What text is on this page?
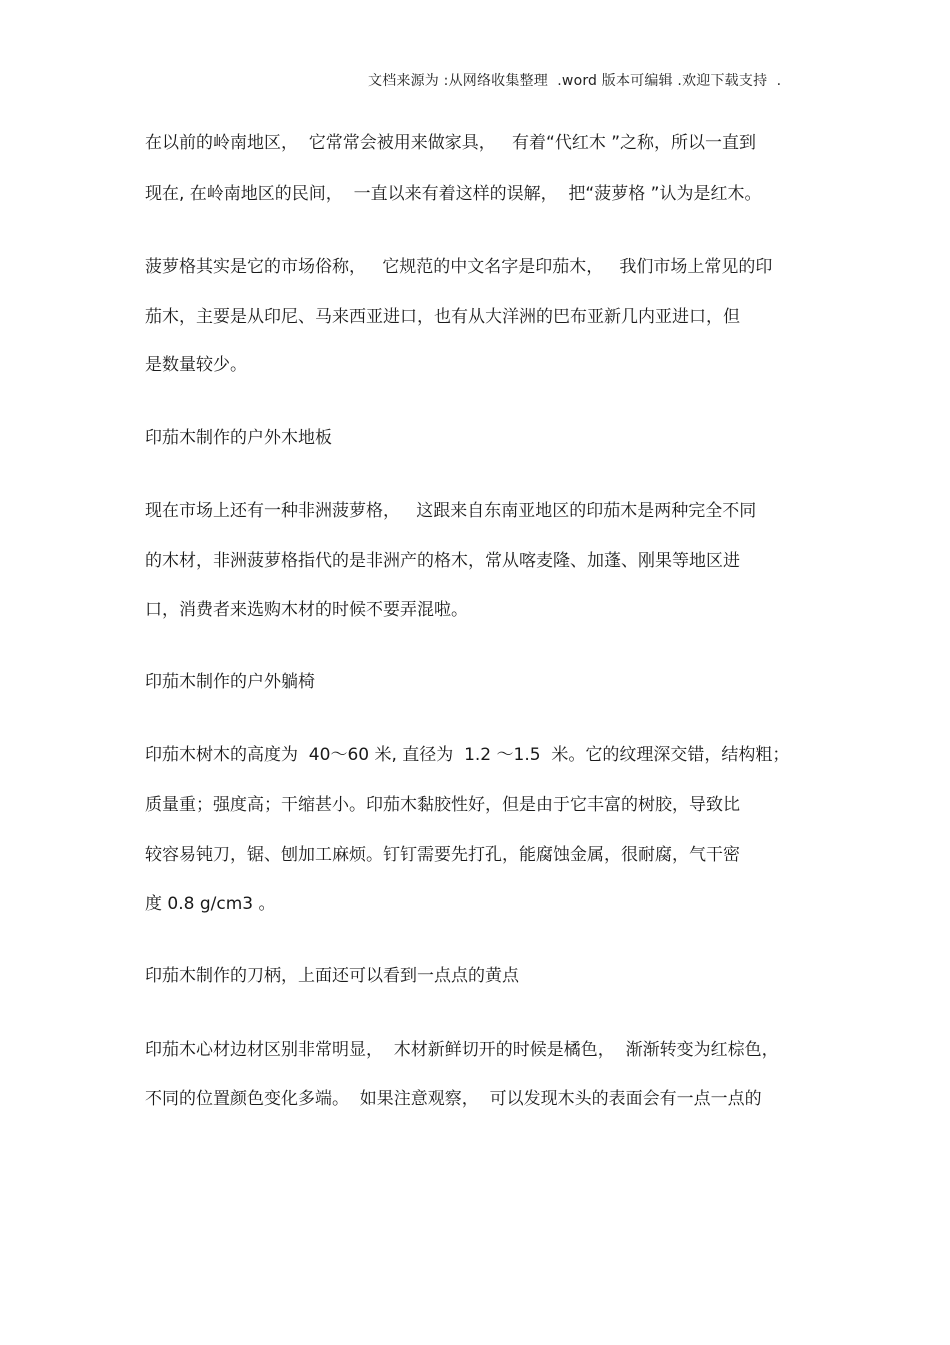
文档来源为 :从网络收集整理  .word 版本可编辑 .欢迎下载支持  .
在以前的岭南地区，  它常常会被用来做家具，   有着“代红木 ”之称，所以一直到
现在, 在岭南地区的民间，  一直以来有着这样的误解，  把“菠萝格 ”认为是红木。
菠萝格其实是它的市场俗称，   它规范的中文名字是印茄木，   我们市场上常见的印
茄木，主要是从印尼、马来西亚进口，也有从大洋洲的巴布亚新几内亚进口，但
是数量较少。
印茄木制作的户外木地板
现在市场上还有一种非洲菠萝格，   这跟来自东南亚地区的印茄木是两种完全不同
的木材，非洲菠萝格指代的是非洲产的格木，常从喀麦隆、加蓬、刚果等地区进
口，消费者来选购木材的时候不要弄混啦。
印茄木制作的户外躺椅
印茄木树木的高度为  40～60 米, 直径为  1.2 ～1.5  米。它的纹理深交错，结构粗；
质量重；强度高；干缩甚小。印茄木黏胶性好，但是由于它丰富的树胶，导致比
较容易钝刀，锯、刨加工麻烦。钉钉需要先打孔，能腐蚀金属，很耐腐，气干密
度 0.8 g/cm3 。
印茄木制作的刀柄，上面还可以看到一点点的黄点
印茄木心材边材区别非常明显，  木材新鲜切开的时候是橘色，  渐渐转变为红棕色，
不同的位置颜色变化多端。  如果注意观察，  可以发现木头的表面会有一点一点的
